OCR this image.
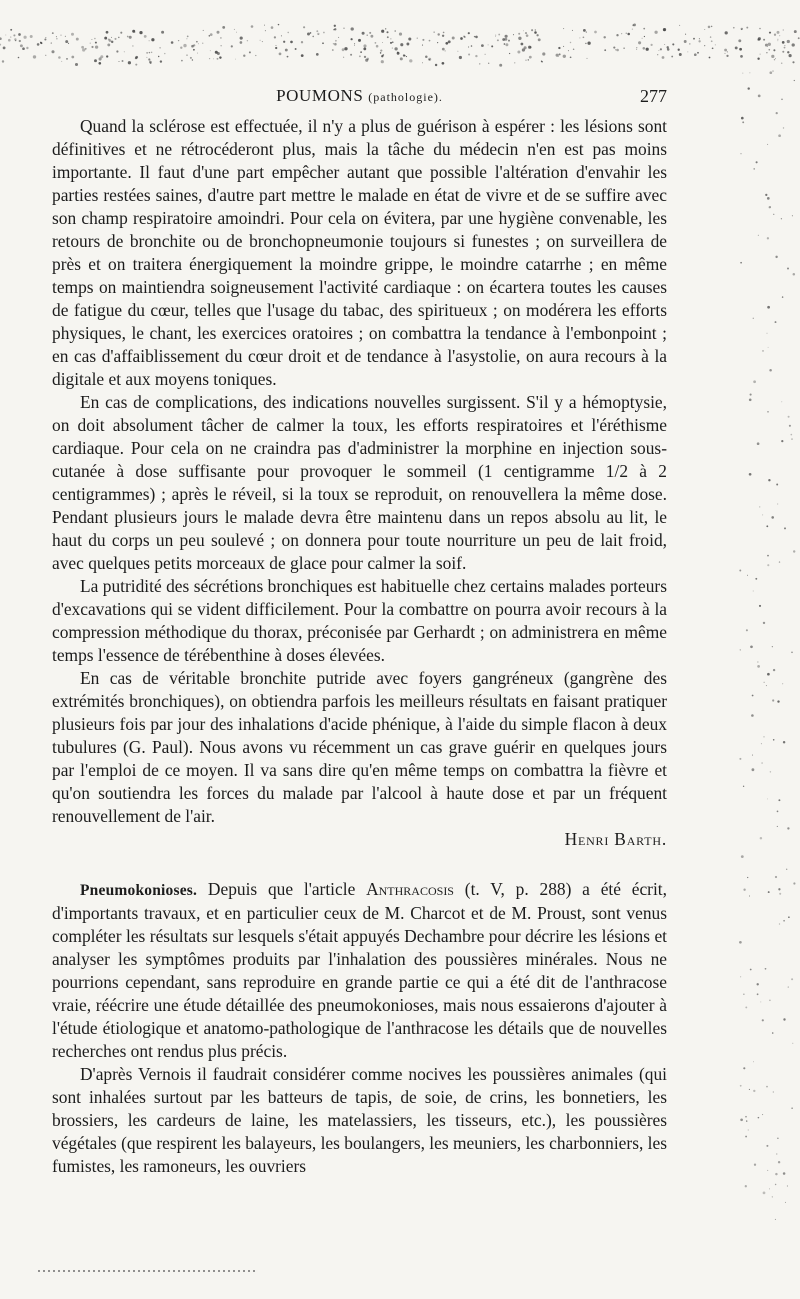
POUMONS (pathologie).	277

Quand la sclérose est effectuée, il n'y a plus de guérison à espérer : les lésions sont définitives et ne rétrocéderont plus, mais la tâche du médecin n'en est pas moins importante. Il faut d'une part empêcher autant que possible l'altération d'envahir les parties restées saines, d'autre part mettre le malade en état de vivre et de se suffire avec son champ respiratoire amoindri. Pour cela on évitera, par une hygiène convenable, les retours de bronchite ou de bronchopneumonie toujours si funestes ; on surveillera de près et on traitera énergiquement la moindre grippe, le moindre catarrhe ; en même temps on maintiendra soigneusement l'activité cardiaque : on écartera toutes les causes de fatigue du cœur, telles que l'usage du tabac, des spiritueux ; on modérera les efforts physiques, le chant, les exercices oratoires ; on combattra la tendance à l'embonpoint ; en cas d'affaiblissement du cœur droit et de tendance à l'asystolie, on aura recours à la digitale et aux moyens toniques.

En cas de complications, des indications nouvelles surgissent. S'il y a hémoptysie, on doit absolument tâcher de calmer la toux, les efforts respiratoires et l'éréthisme cardiaque. Pour cela on ne craindra pas d'administrer la morphine en injection sous-cutanée à dose suffisante pour provoquer le sommeil (1 centigramme 1/2 à 2 centigrammes) ; après le réveil, si la toux se reproduit, on renouvellera la même dose. Pendant plusieurs jours le malade devra être maintenu dans un repos absolu au lit, le haut du corps un peu soulevé ; on donnera pour toute nourriture un peu de lait froid, avec quelques petits morceaux de glace pour calmer la soif.

La putridité des sécrétions bronchiques est habituelle chez certains malades porteurs d'excavations qui se vident difficilement. Pour la combattre on pourra avoir recours à la compression méthodique du thorax, préconisée par Gerhardt ; on administrera en même temps l'essence de térébenthine à doses élevées.

En cas de véritable bronchite putride avec foyers gangréneux (gangrène des extrémités bronchiques), on obtiendra parfois les meilleurs résultats en faisant pratiquer plusieurs fois par jour des inhalations d'acide phénique, à l'aide du simple flacon à deux tubulures (G. Paul). Nous avons vu récemment un cas grave guérir en quelques jours par l'emploi de ce moyen. Il va sans dire qu'en même temps on combattra la fièvre et qu'on soutiendra les forces du malade par l'alcool à haute dose et par un fréquent renouvellement de l'air.

Henri Barth.

Pneumokonioses. Depuis que l'article Anthracosis (t. V, p. 288) a été écrit, d'importants travaux, et en particulier ceux de M. Charcot et de M. Proust, sont venus compléter les résultats sur lesquels s'était appuyés Dechambre pour décrire les lésions et analyser les symptômes produits par l'inhalation des poussières minérales. Nous ne pourrions cependant, sans reproduire en grande partie ce qui a été dit de l'anthracose vraie, réécrire une étude détaillée des pneumokonioses, mais nous essaierons d'ajouter à l'étude étiologique et anatomo-pathologique de l'anthracose les détails que de nouvelles recherches ont rendus plus précis.

D'après Vernois il faudrait considérer comme nocives les poussières animales (qui sont inhalées surtout par les batteurs de tapis, de soie, de crins, les bonnetiers, les brossiers, les cardeurs de laine, les matelassiers, les tisseurs, etc.), les poussières végétales (que respirent les balayeurs, les boulangers, les meuniers, les charbonniers, les fumistes, les ramoneurs, les ouvriers
